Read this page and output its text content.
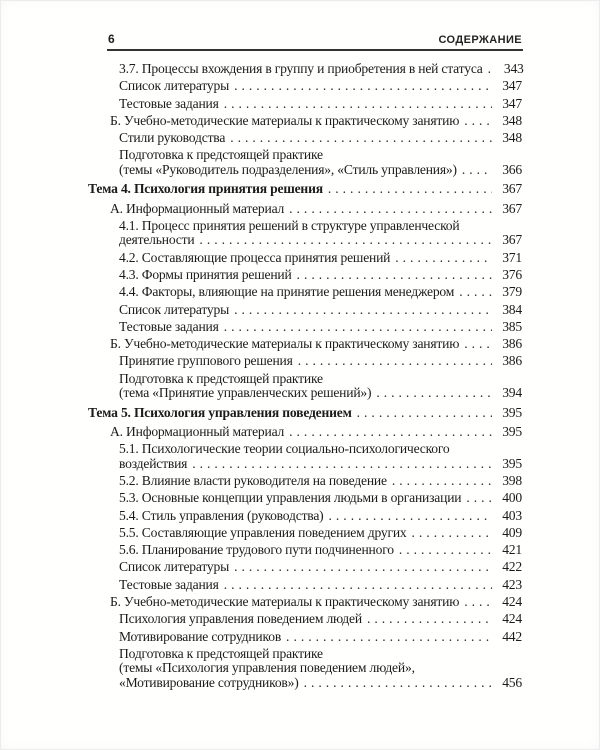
6	СОДЕРЖАНИЕ
3.7. Процессы вхождения в группу и приобретения в ней статуса . . .	343
Список литературы . . .	347
Тестовые задания . . .	347
Б. Учебно-методические материалы к практическому занятию . . .	348
Стили руководства . . .	348
Подготовка к предстоящей практике
(темы «Руководитель подразделения», «Стиль управления») . . .	366
Тема 4. Психология принятия решения . . .	367
А. Информационный материал . . .	367
4.1. Процесс принятия решений в структуре управленческой
деятельности . . .	367
4.2. Составляющие процесса принятия решений . . .	371
4.3. Формы принятия решений . . .	376
4.4. Факторы, влияющие на принятие решения менеджером . . .	379
Список литературы . . .	384
Тестовые задания . . .	385
Б. Учебно-методические материалы к практическому занятию . . .	386
Принятие группового решения . . .	386
Подготовка к предстоящей практике
(тема «Принятие управленческих решений») . . .	394
Тема 5. Психология управления поведением . . .	395
А. Информационный материал . . .	395
5.1. Психологические теории социально-психологического
воздействия . . .	395
5.2. Влияние власти руководителя на поведение . . .	398
5.3. Основные концепции управления людьми в организации . . .	400
5.4. Стиль управления (руководства) . . .	403
5.5. Составляющие управления поведением других . . .	409
5.6. Планирование трудового пути подчиненного . . .	421
Список литературы . . .	422
Тестовые задания . . .	423
Б. Учебно-методические материалы к практическому занятию . . .	424
Психология управления поведением людей . . .	424
Мотивирование сотрудников . . .	442
Подготовка к предстоящей практике
(темы «Психология управления поведением людей»,
«Мотивирование сотрудников») . . .	456
